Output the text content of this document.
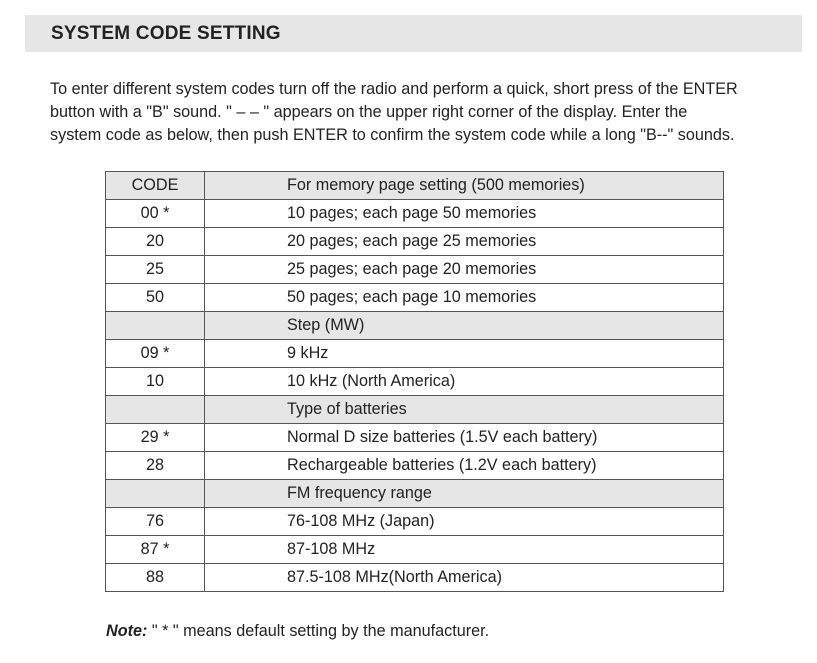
SYSTEM CODE SETTING

To enter different system codes turn off the radio and perform a quick, short press of the ENTER

button with a "B" sound. " – – " appears on the upper right corner of the display. Enter the

system code as below, then push ENTER to confirm the system code while a long "B--" sounds.

CODE	For memory page setting (500 memories)
00 *	10 pages; each page 50 memories
20	20 pages; each page 25 memories
25	25 pages; each page 20 memories
50	50 pages; each page 10 memories
	Step (MW)
09 *	9 kHz
10	10 kHz (North America)
	Type of batteries
29 *	Normal D size batteries (1.5V each battery)
28	Rechargeable batteries (1.2V each battery)
	FM frequency range
76	76-108 MHz (Japan)
87 *	87-108 MHz
88	87.5-108 MHz(North America)
Note: " * " means default setting by the manufacturer.
